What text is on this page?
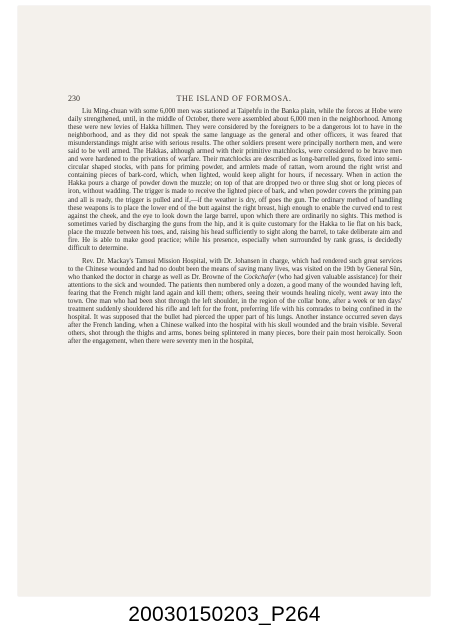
230	THE ISLAND OF FORMOSA.

Liu Ming-chuan with some 6,000 men was stationed at Taipehfu in the Banka plain, while the forces at Hobe were daily strengthened, until, in the middle of October, there were assembled about 6,000 men in the neighborhood. Among these were new levies of Hakka hillmen. They were considered by the foreigners to be a dangerous lot to have in the neighborhood, and as they did not speak the same language as the general and other officers, it was feared that misunderstandings might arise with serious results. The other soldiers present were principally northern men, and were said to be well armed. The Hakkas, although armed with their primitive matchlocks, were considered to be brave men and were hardened to the privations of warfare. Their matchlocks are described as long-barrelled guns, fixed into semi-circular shaped stocks, with pans for priming powder, and armlets made of rattan, worn around the right wrist and containing pieces of bark-cord, which, when lighted, would keep alight for hours, if necessary. When in action the Hakka pours a charge of powder down the muzzle; on top of that are dropped two or three slug shot or long pieces of iron, without wadding. The trigger is made to receive the lighted piece of bark, and when powder covers the priming pan and all is ready, the trigger is pulled and if,—if the weather is dry, off goes the gun. The ordinary method of handling these weapons is to place the lower end of the butt against the right breast, high enough to enable the curved end to rest against the cheek, and the eye to look down the large barrel, upon which there are ordinarily no sights. This method is sometimes varied by discharging the guns from the hip, and it is quite customary for the Hakka to lie flat on his back, place the muzzle between his toes, and, raising his head sufficiently to sight along the barrel, to take deliberate aim and fire. He is able to make good practice; while his presence, especially when surrounded by rank grass, is decidedly difficult to determine.

Rev. Dr. Mackay's Tamsui Mission Hospital, with Dr. Johansen in charge, which had rendered such great services to the Chinese wounded and had no doubt been the means of saving many lives, was visited on the 19th by General Sün, who thanked the doctor in charge as well as Dr. Browne of the Cockchafer (who had given valuable assistance) for their attentions to the sick and wounded. The patients then numbered only a dozen, a good many of the wounded having left, fearing that the French might land again and kill them; others, seeing their wounds healing nicely, went away into the town. One man who had been shot through the left shoulder, in the region of the collar bone, after a week or ten days' treatment suddenly shouldered his rifle and left for the front, preferring life with his comrades to being confined in the hospital. It was supposed that the bullet had pierced the upper part of his lungs. Another instance occurred seven days after the French landing, when a Chinese walked into the hospital with his skull wounded and the brain visible. Several others, shot through the thighs and arms, bones being splintered in many pieces, bore their pain most heroically. Soon after the engagement, when there were seventy men in the hospital,

20030150203_P264
